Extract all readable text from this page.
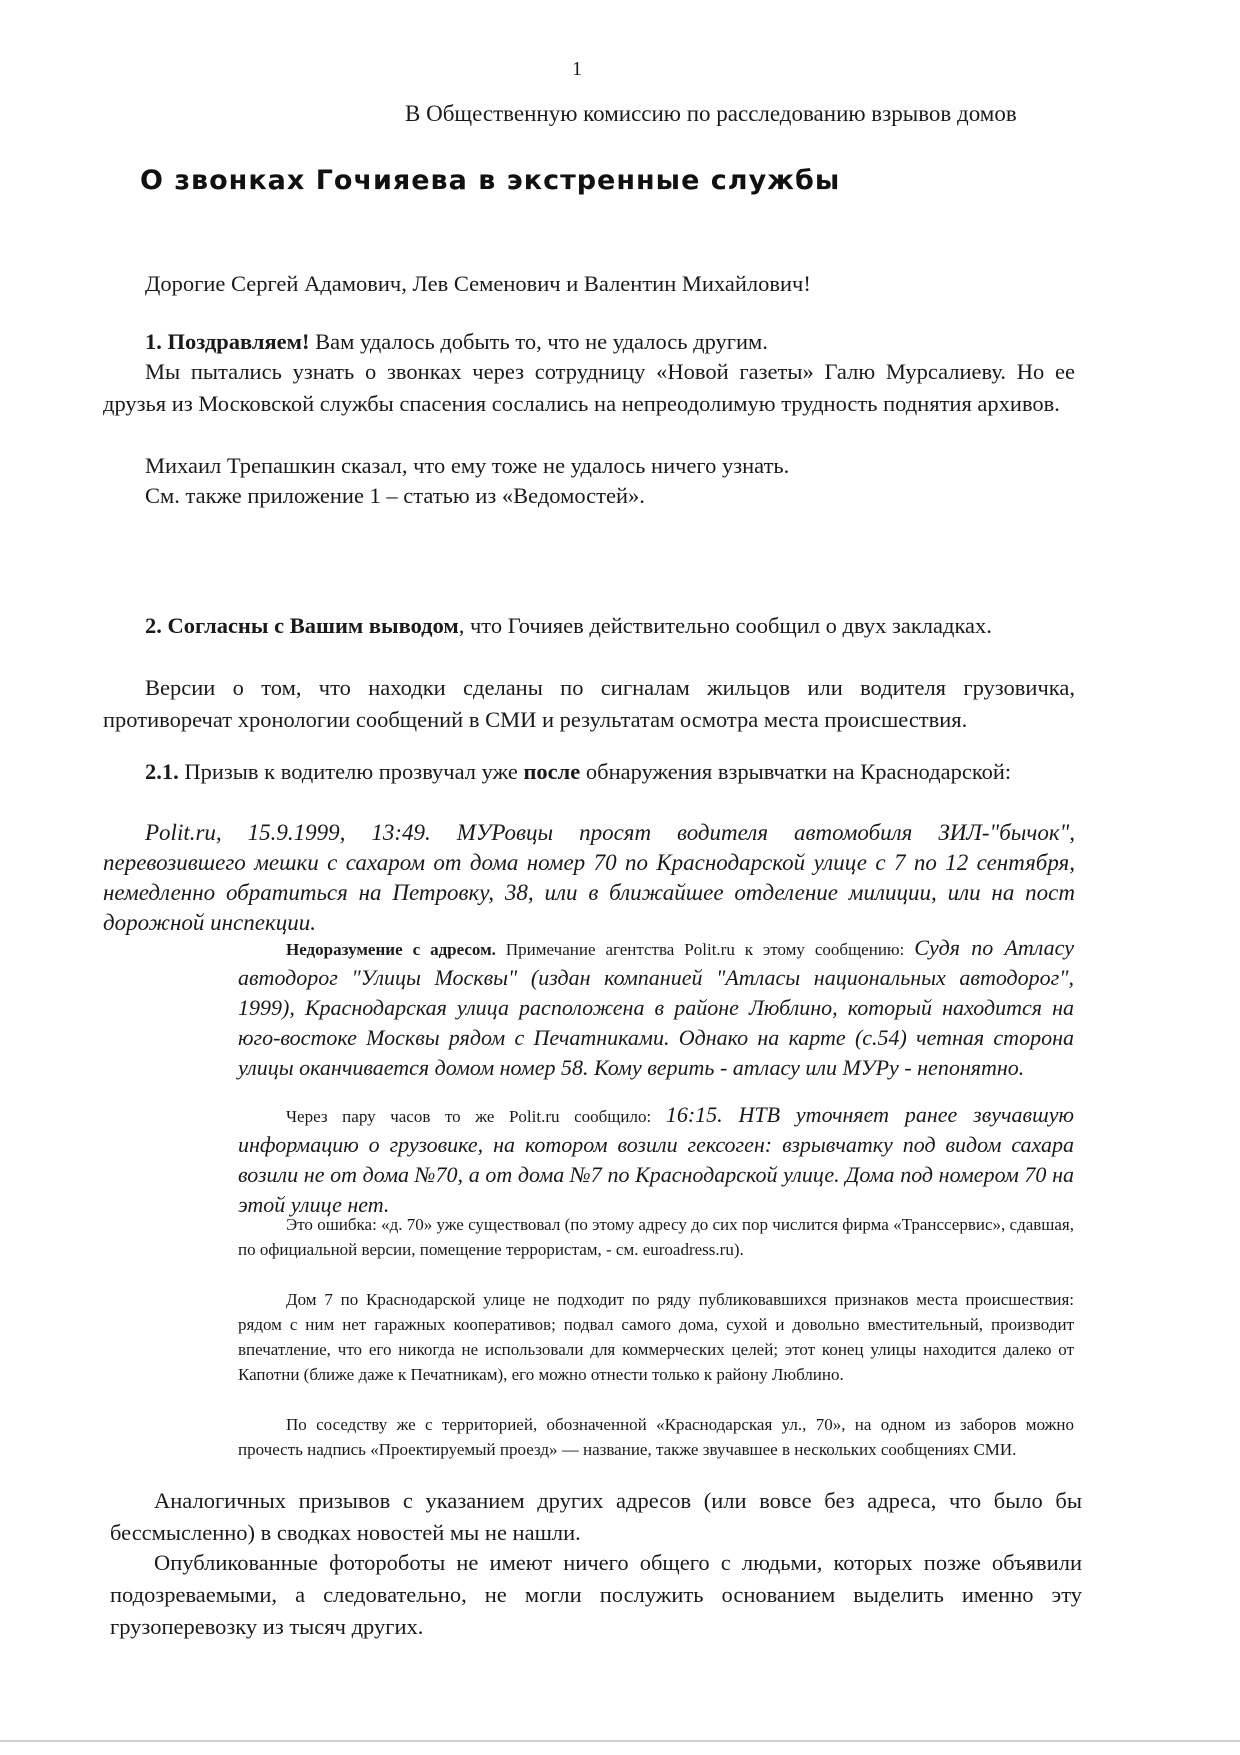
1
В Общественную комиссию по расследованию взрывов домов
О звонках Гочияева в экстренные службы

Дорогие Сергей Адамович, Лев Семенович и Валентин Михайлович!

1. Поздравляем! Вам удалось добыть то, что не удалось другим.

Мы пытались узнать о звонках через сотрудницу «Новой газеты» Галю Мурсалиеву. Но ее друзья из Московской службы спасения сослались на непреодолимую трудность поднятия архивов.

Михаил Трепашкин сказал, что ему тоже не удалось ничего узнать.

См. также приложение 1 – статью из «Ведомостей».

2. Согласны с Вашим выводом, что Гочияев действительно сообщил о двух закладках.

Версии о том, что находки сделаны по сигналам жильцов или водителя грузовичка, противоречат хронологии сообщений в СМИ и результатам осмотра места происшествия.

2.1. Призыв к водителю прозвучал уже после обнаружения взрывчатки на Краснодарской:

Polit.ru, 15.9.1999, 13:49. МУРовцы просят водителя автомобиля ЗИЛ-"бычок", перевозившего мешки с сахаром от дома номер 70 по Краснодарской улице с 7 по 12 сентября, немедленно обратиться на Петровку, 38, или в ближайшее отделение милиции, или на пост дорожной инспекции.

Недоразумение с адресом. Примечание агентства Polit.ru к этому сообщению: Судя по Атласу автодорог "Улицы Москвы" (издан компанией "Атласы национальных автодорог", 1999), Краснодарская улица расположена в районе Люблино, который находится на юго-востоке Москвы рядом с Печатниками. Однако на карте (с.54) четная сторона улицы оканчивается домом номер 58. Кому верить - атласу или МУРу - непонятно.

Через пару часов то же Polit.ru сообщило: 16:15. НТВ уточняет ранее звучавшую информацию о грузовике, на котором возили гексоген: взрывчатку под видом сахара возили не от дома №70, а от дома №7 по Краснодарской улице. Дома под номером 70 на этой улице нет.

Это ошибка: «д. 70» уже существовал (по этому адресу до сих пор числится фирма «Транссервис», сдавшая, по официальной версии, помещение террористам, - см. euroadress.ru).

Дом 7 по Краснодарской улице не подходит по ряду публиковавшихся признаков места происшествия: рядом с ним нет гаражных кооперативов; подвал самого дома, сухой и довольно вместительный, производит впечатление, что его никогда не использовали для коммерческих целей; этот конец улицы находится далеко от Капотни (ближе даже к Печатникам), его можно отнести только к району Люблино.

По соседству же с территорией, обозначенной «Краснодарская ул., 70», на одном из заборов можно прочесть надпись «Проектируемый проезд» — название, также звучавшее в нескольких сообщениях СМИ.

Аналогичных призывов с указанием других адресов (или вовсе без адреса, что было бы бессмысленно) в сводках новостей мы не нашли.

Опубликованные фотороботы не имеют ничего общего с людьми, которых позже объявили подозреваемыми, а следовательно, не могли послужить основанием выделить именно эту грузоперевозку из тысяч других.
